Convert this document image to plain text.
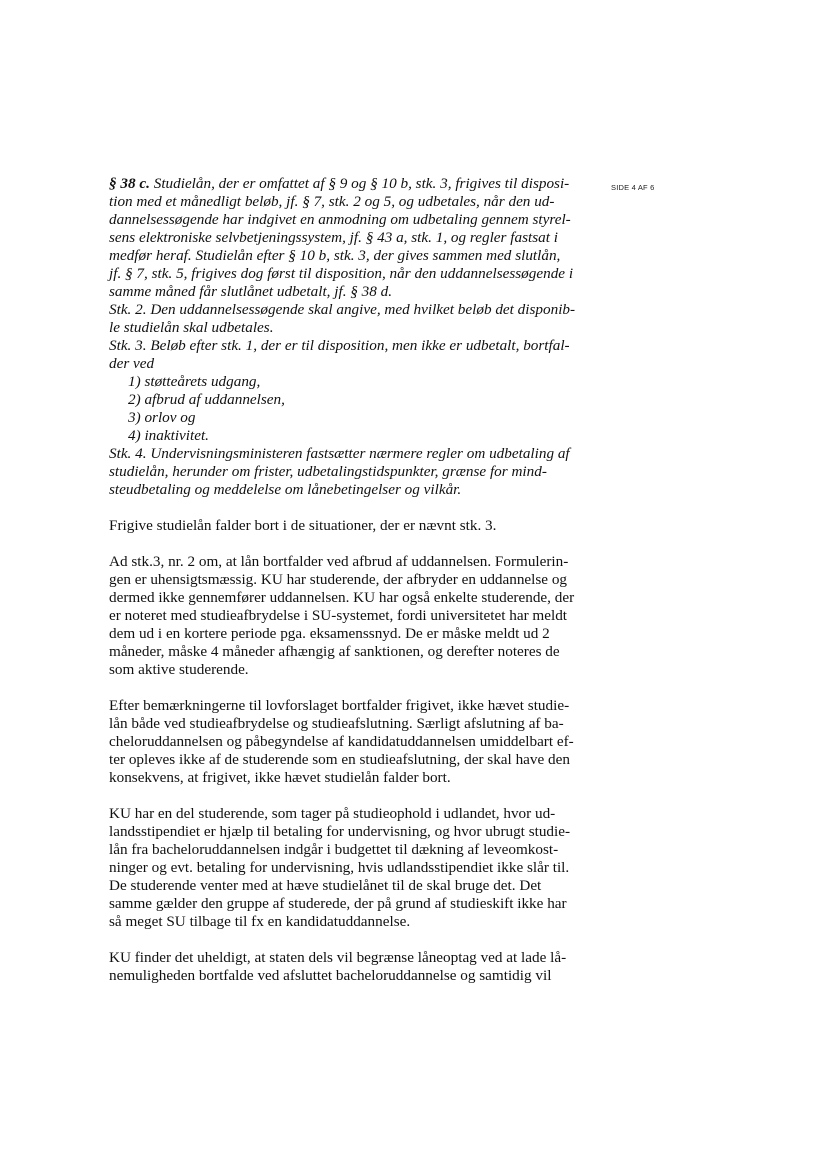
SIDE 4 AF 6
§ 38 c. Studielån, der er omfattet af § 9 og § 10 b, stk. 3, frigives til disposi-
tion med et månedligt beløb, jf. § 7, stk. 2 og 5, og udbetales, når den ud-
dannelsessøgende har indgivet en anmodning om udbetaling gennem styrel-
sens elektroniske selvbetjeningssystem, jf. § 43 a, stk. 1, og regler fastsat i
medfør heraf. Studielån efter § 10 b, stk. 3, der gives sammen med slutlån,
jf. § 7, stk. 5, frigives dog først til disposition, når den uddannelsessøgende i
samme måned får slutlånet udbetalt, jf. § 38 d.
Stk. 2. Den uddannelsessøgende skal angive, med hvilket beløb det disponib-
le studielån skal udbetales.
Stk. 3. Beløb efter stk. 1, der er til disposition, men ikke er udbetalt, bortfal-
der ved
1) støtteårets udgang,
2) afbrud af uddannelsen,
3) orlov og
4) inaktivitet.
Stk. 4. Undervisningsministeren fastsætter nærmere regler om udbetaling af
studielån, herunder om frister, udbetalingstidspunkter, grænse for mind-
steudbetaling og meddelelse om lånebetingelser og vilkår.
Frigive studielån falder bort i de situationer, der er nævnt stk. 3.
Ad stk.3, nr. 2 om, at lån bortfalder ved afbrud af uddannelsen. Formulerin-
gen er uhensigtsmæssig. KU har studerende, der afbryder en uddannelse og
dermed ikke gennemfører uddannelsen. KU har også enkelte studerende, der
er noteret med studieafbrydelse i SU-systemet, fordi universitetet har meldt
dem ud i en kortere periode pga. eksamenssnyd. De er måske meldt ud 2
måneder, måske 4 måneder afhængig af sanktionen, og derefter noteres de
som aktive studerende.
Efter bemærkningerne til lovforslaget bortfalder frigivet, ikke hævet studie-
lån både ved studieafbrydelse og studieafslutning. Særligt afslutning af ba-
cheloruddannelsen og påbegyndelse af kandidatuddannelsen umiddelbart ef-
ter opleves ikke af de studerende som en studieafslutning, der skal have den
konsekvens, at frigivet, ikke hævet studielån falder bort.
KU har en del studerende, som tager på studieophold i udlandet, hvor ud-
landsstipendiet er hjælp til betaling for undervisning, og hvor ubrugt studie-
lån fra bacheloruddannelsen indgår i budgettet til dækning af leveomkost-
ninger og evt. betaling for undervisning, hvis udlandsstipendiet ikke slår til.
De studerende venter med at hæve studielånet til de skal bruge det. Det
samme gælder den gruppe af studerede, der på grund af studieskift ikke har
så meget SU tilbage til fx en kandidatuddannelse.
KU finder det uheldigt, at staten dels vil begrænse låneoptag ved at lade lå-
nemuligheden bortfalde ved afsluttet bacheloruddannelse og samtidig vil
